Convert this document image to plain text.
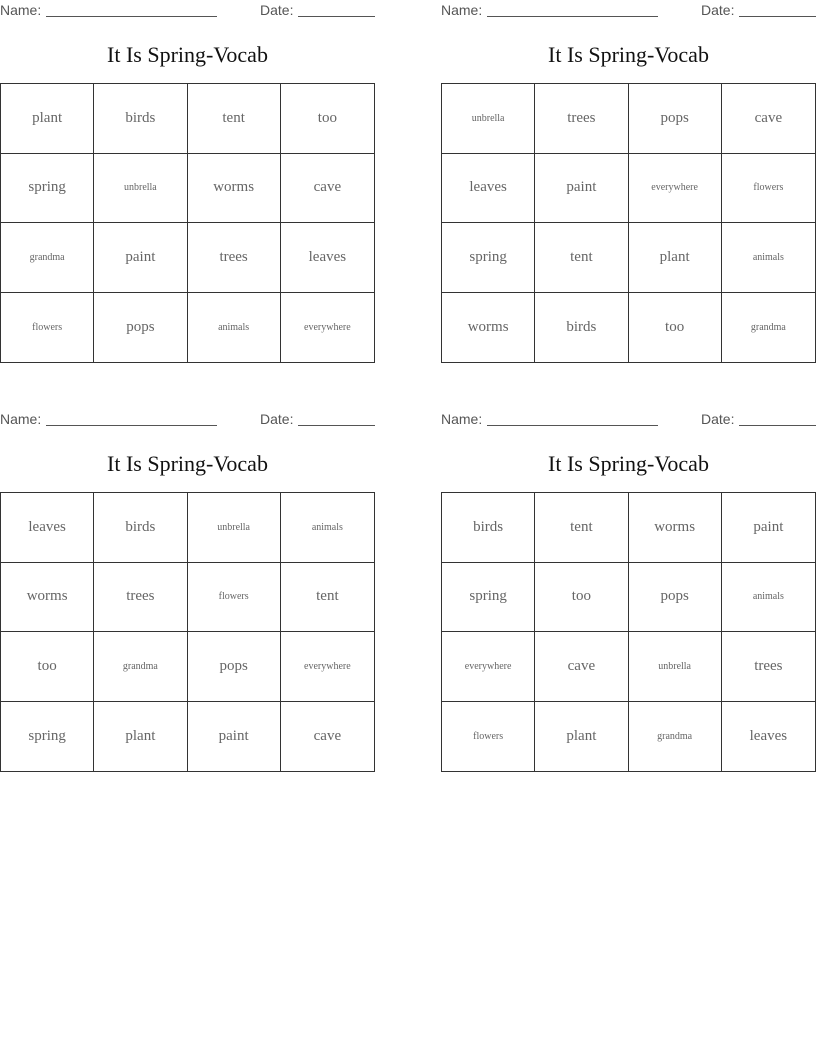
Name:	Date:
It Is Spring-Vocab
plant	birds	tent	too
spring	unbrella	worms	cave
grandma	paint	trees	leaves
flowers	pops	animals	everywhere
Name:	Date:
It Is Spring-Vocab
unbrella	trees	pops	cave
leaves	paint	everywhere	flowers
spring	tent	plant	animals
worms	birds	too	grandma
Name:	Date:
It Is Spring-Vocab
leaves	birds	unbrella	animals
worms	trees	flowers	tent
too	grandma	pops	everywhere
spring	plant	paint	cave
Name:	Date:
It Is Spring-Vocab
birds	tent	worms	paint
spring	too	pops	animals
everywhere	cave	unbrella	trees
flowers	plant	grandma	leaves
